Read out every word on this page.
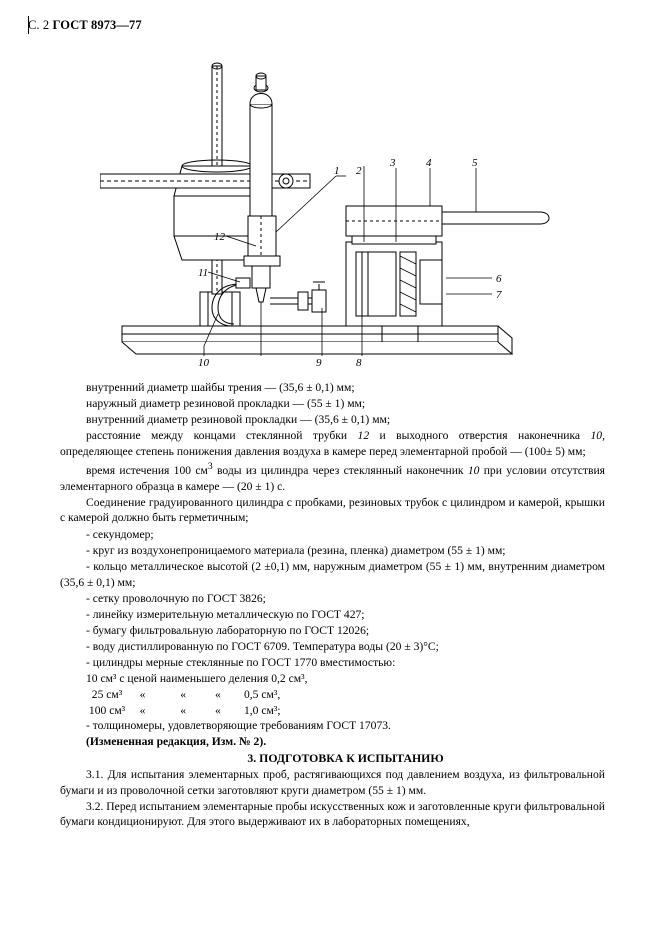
С. 2 ГОСТ 8973—77
1 2
3	4	5
6
7
8
9
10
11
12

внутренний диаметр шайбы трения — (35,6 ± 0,1) мм;

наружный диаметр резиновой прокладки — (55 ± 1) мм;

внутренний диаметр резиновой прокладки — (35,6 ± 0,1) мм;

расстояние между концами стеклянной трубки 12 и выходного отверстия наконечника 10, определяющее степень понижения давления воздуха в камере перед элементарной пробой — (100± 5) мм;

время истечения 100 $см^3$ воды из цилиндра через стеклянный наконечник 10 при условии отсутствия элементарного образца в камере — (20 ± 1) с.

Соединение градуированного цилиндра с пробками, резиновых трубок с цилиндром и камерой, крышки с камерой должно быть герметичным;

- секундомер;

- круг из воздухонепроницаемого материала (резина, пленка) диаметром (55 ± 1) мм;

- кольцо металлическое высотой (2 ±0,1) мм, наружным диаметром (55 ± 1) мм, внутренним диаметром (35,6 ± 0,1) мм;

- сетку проволочную по ГОСТ 3826;

- линейку измерительную металлическую по ГОСТ 427;

- бумагу фильтровальную лабораторную по ГОСТ 12026;

- воду дистиллированную по ГОСТ 6709. Температура воды (20 ± 3)°С;

- цилиндры мерные стеклянные по ГОСТ 1770 вместимостью:

10 см³ с ценой наименьшего деления 0,2 см³,
25 см³      «            «          «        0,5 см³,
100 см³     «            «          «        1,0 см³;

- толщиномеры, удовлетворяющие требованиям ГОСТ 17073.

(Измененная редакция, Изм. № 2).

3. ПОДГОТОВКА К ИСПЫТАНИЮ

3.1. Для испытания элементарных проб, растягивающихся под давлением воздуха, из фильтровальной бумаги и из проволочной сетки заготовляют круги диаметром (55 ± 1) мм.

3.2. Перед испытанием элементарные пробы искусственных кож и заготовленные круги фильтровальной бумаги кондиционируют. Для этого выдерживают их в лабораторных помещениях,
